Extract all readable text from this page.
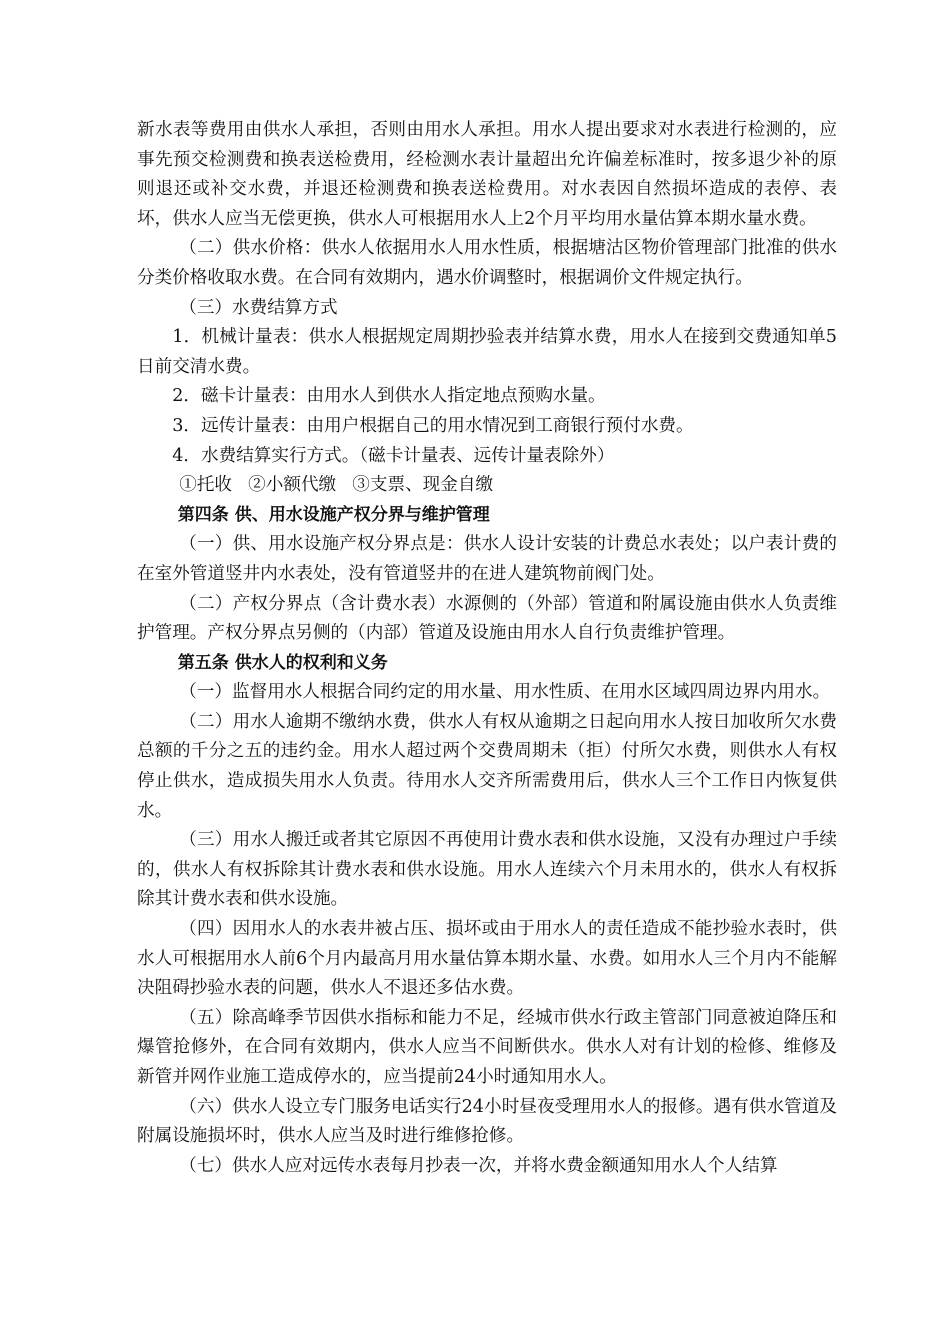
新水表等费用由供水人承担，否则由用水人承担。用水人提出要求对水表进行检测的，应事先预交检测费和换表送检费用，经检测水表计量超出允许偏差标准时，按多退少补的原则退还或补交水费，并退还检测费和换表送检费用。对水表因自然损坏造成的表停、表坏，供水人应当无偿更换，供水人可根据用水人上2个月平均用水量估算本期水量水费。

（二）供水价格：供水人依据用水人用水性质，根据塘沽区物价管理部门批准的供水分类价格收取水费。在合同有效期内，遇水价调整时，根据调价文件规定执行。

（三）水费结算方式

1．机械计量表：供水人根据规定周期抄验表并结算水费，用水人在接到交费通知单5 日前交清水费。

2．磁卡计量表：由用水人到供水人指定地点预购水量。

3．远传计量表：由用户根据自己的用水情况到工商银行预付水费。

4．水费结算实行方式。（磁卡计量表、远传计量表除外）

①托收 ②小额代缴 ③支票、现金自缴

第四条 供、用水设施产权分界与维护管理

（一）供、用水设施产权分界点是：供水人设计安装的计费总水表处；以户表计费的在室外管道竖井内水表处，没有管道竖井的在进人建筑物前阀门处。

（二）产权分界点（含计费水表）水源侧的（外部）管道和附属设施由供水人负责维护管理。产权分界点另侧的（内部）管道及设施由用水人自行负责维护管理。

第五条 供水人的权利和义务

（一）监督用水人根据合同约定的用水量、用水性质、在用水区域四周边界内用水。

（二）用水人逾期不缴纳水费，供水人有权从逾期之日起向用水人按日加收所欠水费总额的千分之五的违约金。用水人超过两个交费周期未（拒）付所欠水费，则供水人有权停止供水，造成损失用水人负责。待用水人交齐所需费用后，供水人三个工作日内恢复供水。

（三）用水人搬迁或者其它原因不再使用计费水表和供水设施，又没有办理过户手续的，供水人有权拆除其计费水表和供水设施。用水人连续六个月未用水的，供水人有权拆除其计费水表和供水设施。

（四）因用水人的水表井被占压、损坏或由于用水人的责任造成不能抄验水表时，供水人可根据用水人前6个月内最高月用水量估算本期水量、水费。如用水人三个月内不能解决阻碍抄验水表的问题，供水人不退还多估水费。

（五）除高峰季节因供水指标和能力不足，经城市供水行政主管部门同意被迫降压和爆管抢修外，在合同有效期内，供水人应当不间断供水。供水人对有计划的检修、维修及新管并网作业施工造成停水的，应当提前24小时通知用水人。

（六）供水人设立专门服务电话实行24小时昼夜受理用水人的报修。遇有供水管道及附属设施损坏时，供水人应当及时进行维修抢修。

（七）供水人应对远传水表每月抄表一次，并将水费金额通知用水人个人结算
